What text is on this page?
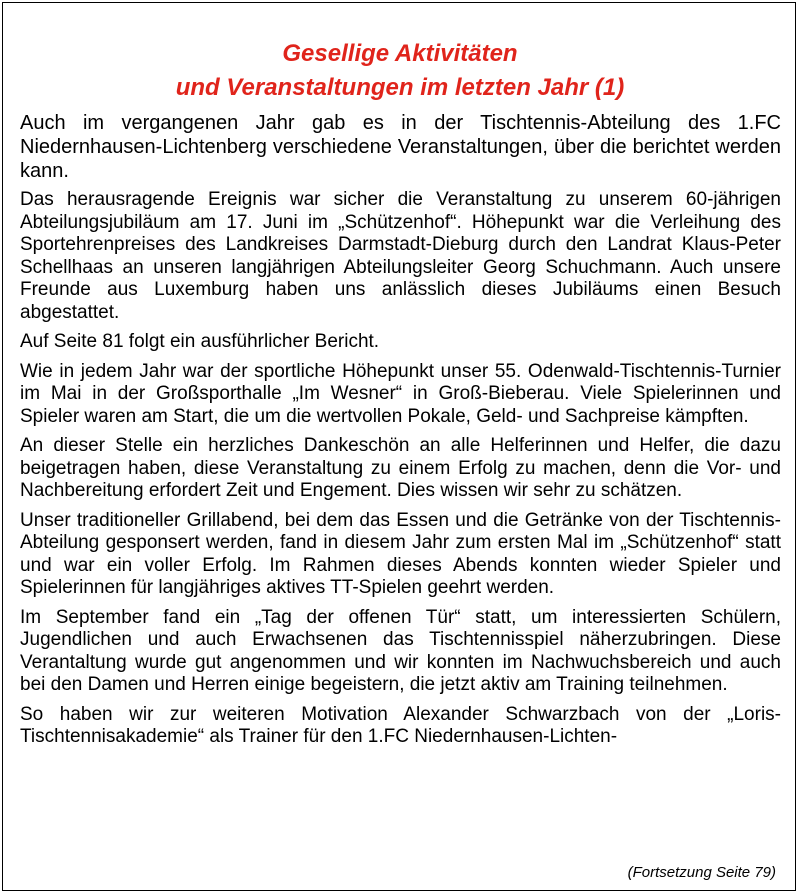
Gesellige Aktivitäten
und Veranstaltungen im letzten Jahr (1)

Auch im vergangenen Jahr gab es in der Tischtennis-Abteilung des 1.FC Niedernhausen-Lichtenberg verschiedene Veranstaltungen, über die berichtet werden kann.

Das herausragende Ereignis war sicher die Veranstaltung zu unserem 60-jährigen Abteilungsjubiläum am 17. Juni im „Schützenhof“. Höhepunkt war die Verleihung des Sportehrenpreises des Landkreises Darmstadt-Dieburg durch den Landrat Klaus-Peter Schellhaas an unseren langjährigen Abteilungsleiter Georg Schuchmann. Auch unsere Freunde aus Luxemburg haben uns anlässlich dieses Jubiläums einen Besuch abgestattet.

Auf Seite 81 folgt ein ausführlicher Bericht.

Wie in jedem Jahr war der sportliche Höhepunkt unser 55. Odenwald-Tischtennis-Turnier im Mai in der Großsporthalle „Im Wesner“ in Groß-Bieberau. Viele Spielerinnen und Spieler waren am Start, die um die wertvollen Pokale, Geld- und Sachpreise kämpften.

An dieser Stelle ein herzliches Dankeschön an alle Helferinnen und Helfer, die dazu beigetragen haben, diese Veranstaltung zu einem Erfolg zu machen, denn die Vor- und Nachbereitung erfordert Zeit und Engement. Dies wissen wir sehr zu schätzen.

Unser traditioneller Grillabend, bei dem das Essen und die Getränke von der Tischtennis-Abteilung gesponsert werden, fand in diesem Jahr zum ersten Mal im „Schützenhof“ statt und war ein voller Erfolg. Im Rahmen dieses Abends konnten wieder Spieler und Spielerinnen für langjähriges aktives TT-Spielen geehrt werden.

Im September fand ein „Tag der offenen Tür“ statt, um interessierten Schülern, Jugendlichen und auch Erwachsenen das Tischtennisspiel näherzubringen. Diese Verantaltung wurde gut angenommen und wir konnten im Nachwuchsbereich und auch bei den Damen und Herren einige begeistern, die jetzt aktiv am Training teilnehmen.

So haben wir zur weiteren Motivation Alexander Schwarzbach von der „Loris-Tischtennisakademie“ als Trainer für den 1.FC Niedernhausen-Lichten-

(Fortsetzung Seite 79)
